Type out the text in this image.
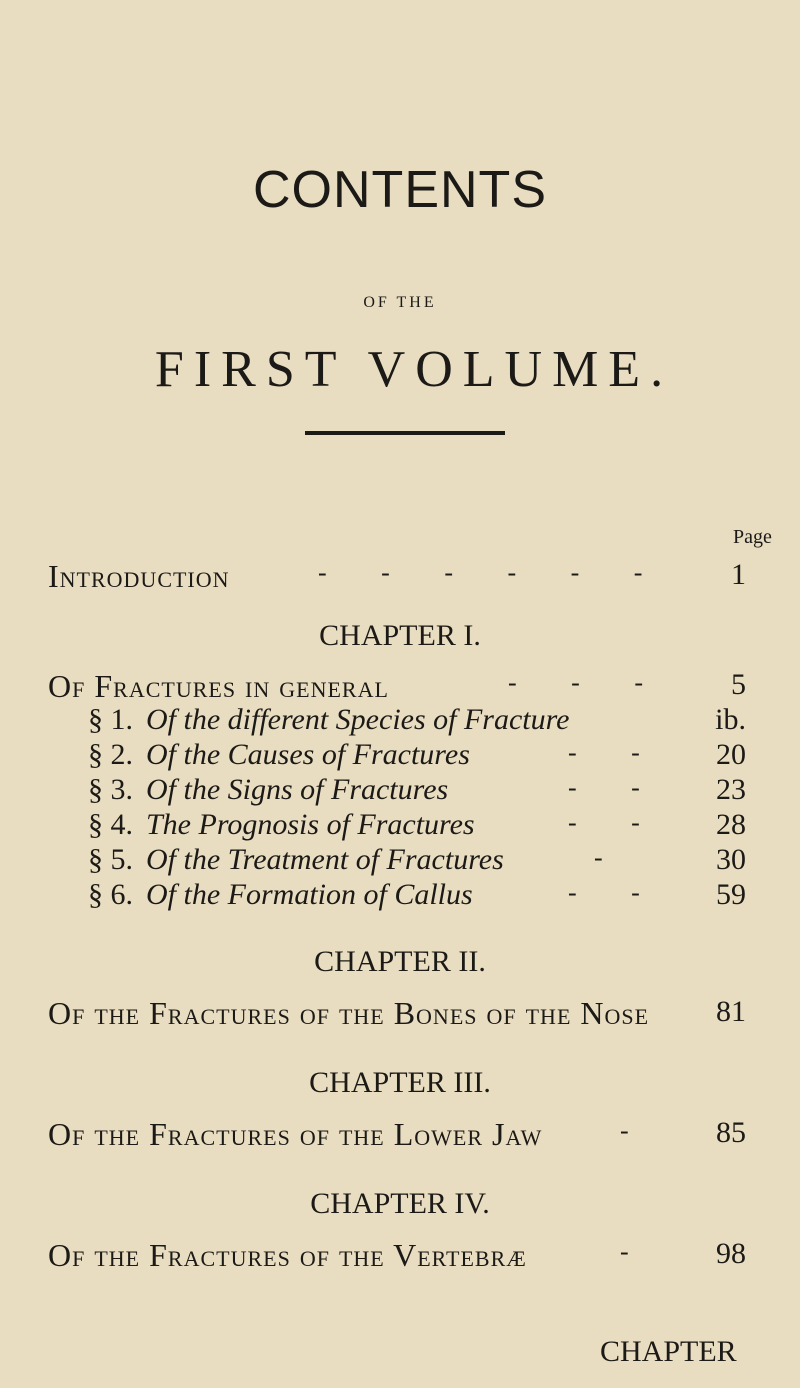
CONTENTS
OF THE
FIRST VOLUME.
Page
Introduction	- - - - - -	1
CHAPTER I.
Of Fractures in general	- - -	5
§ 1. Of the different Species of Fracture	ib.
§ 2. Of the Causes of Fractures	- -	20
§ 3. Of the Signs of Fractures	- -	23
§ 4. The Prognosis of Fractures	- -	28
§ 5. Of the Treatment of Fractures	-	30
§ 6. Of the Formation of Callus	- -	59
CHAPTER II.
Of the Fractures of the Bones of the Nose	81
CHAPTER III.
Of the Fractures of the Lower Jaw	-	85
CHAPTER IV.
Of the Fractures of the Vertebræ	-	98
CHAPTER
